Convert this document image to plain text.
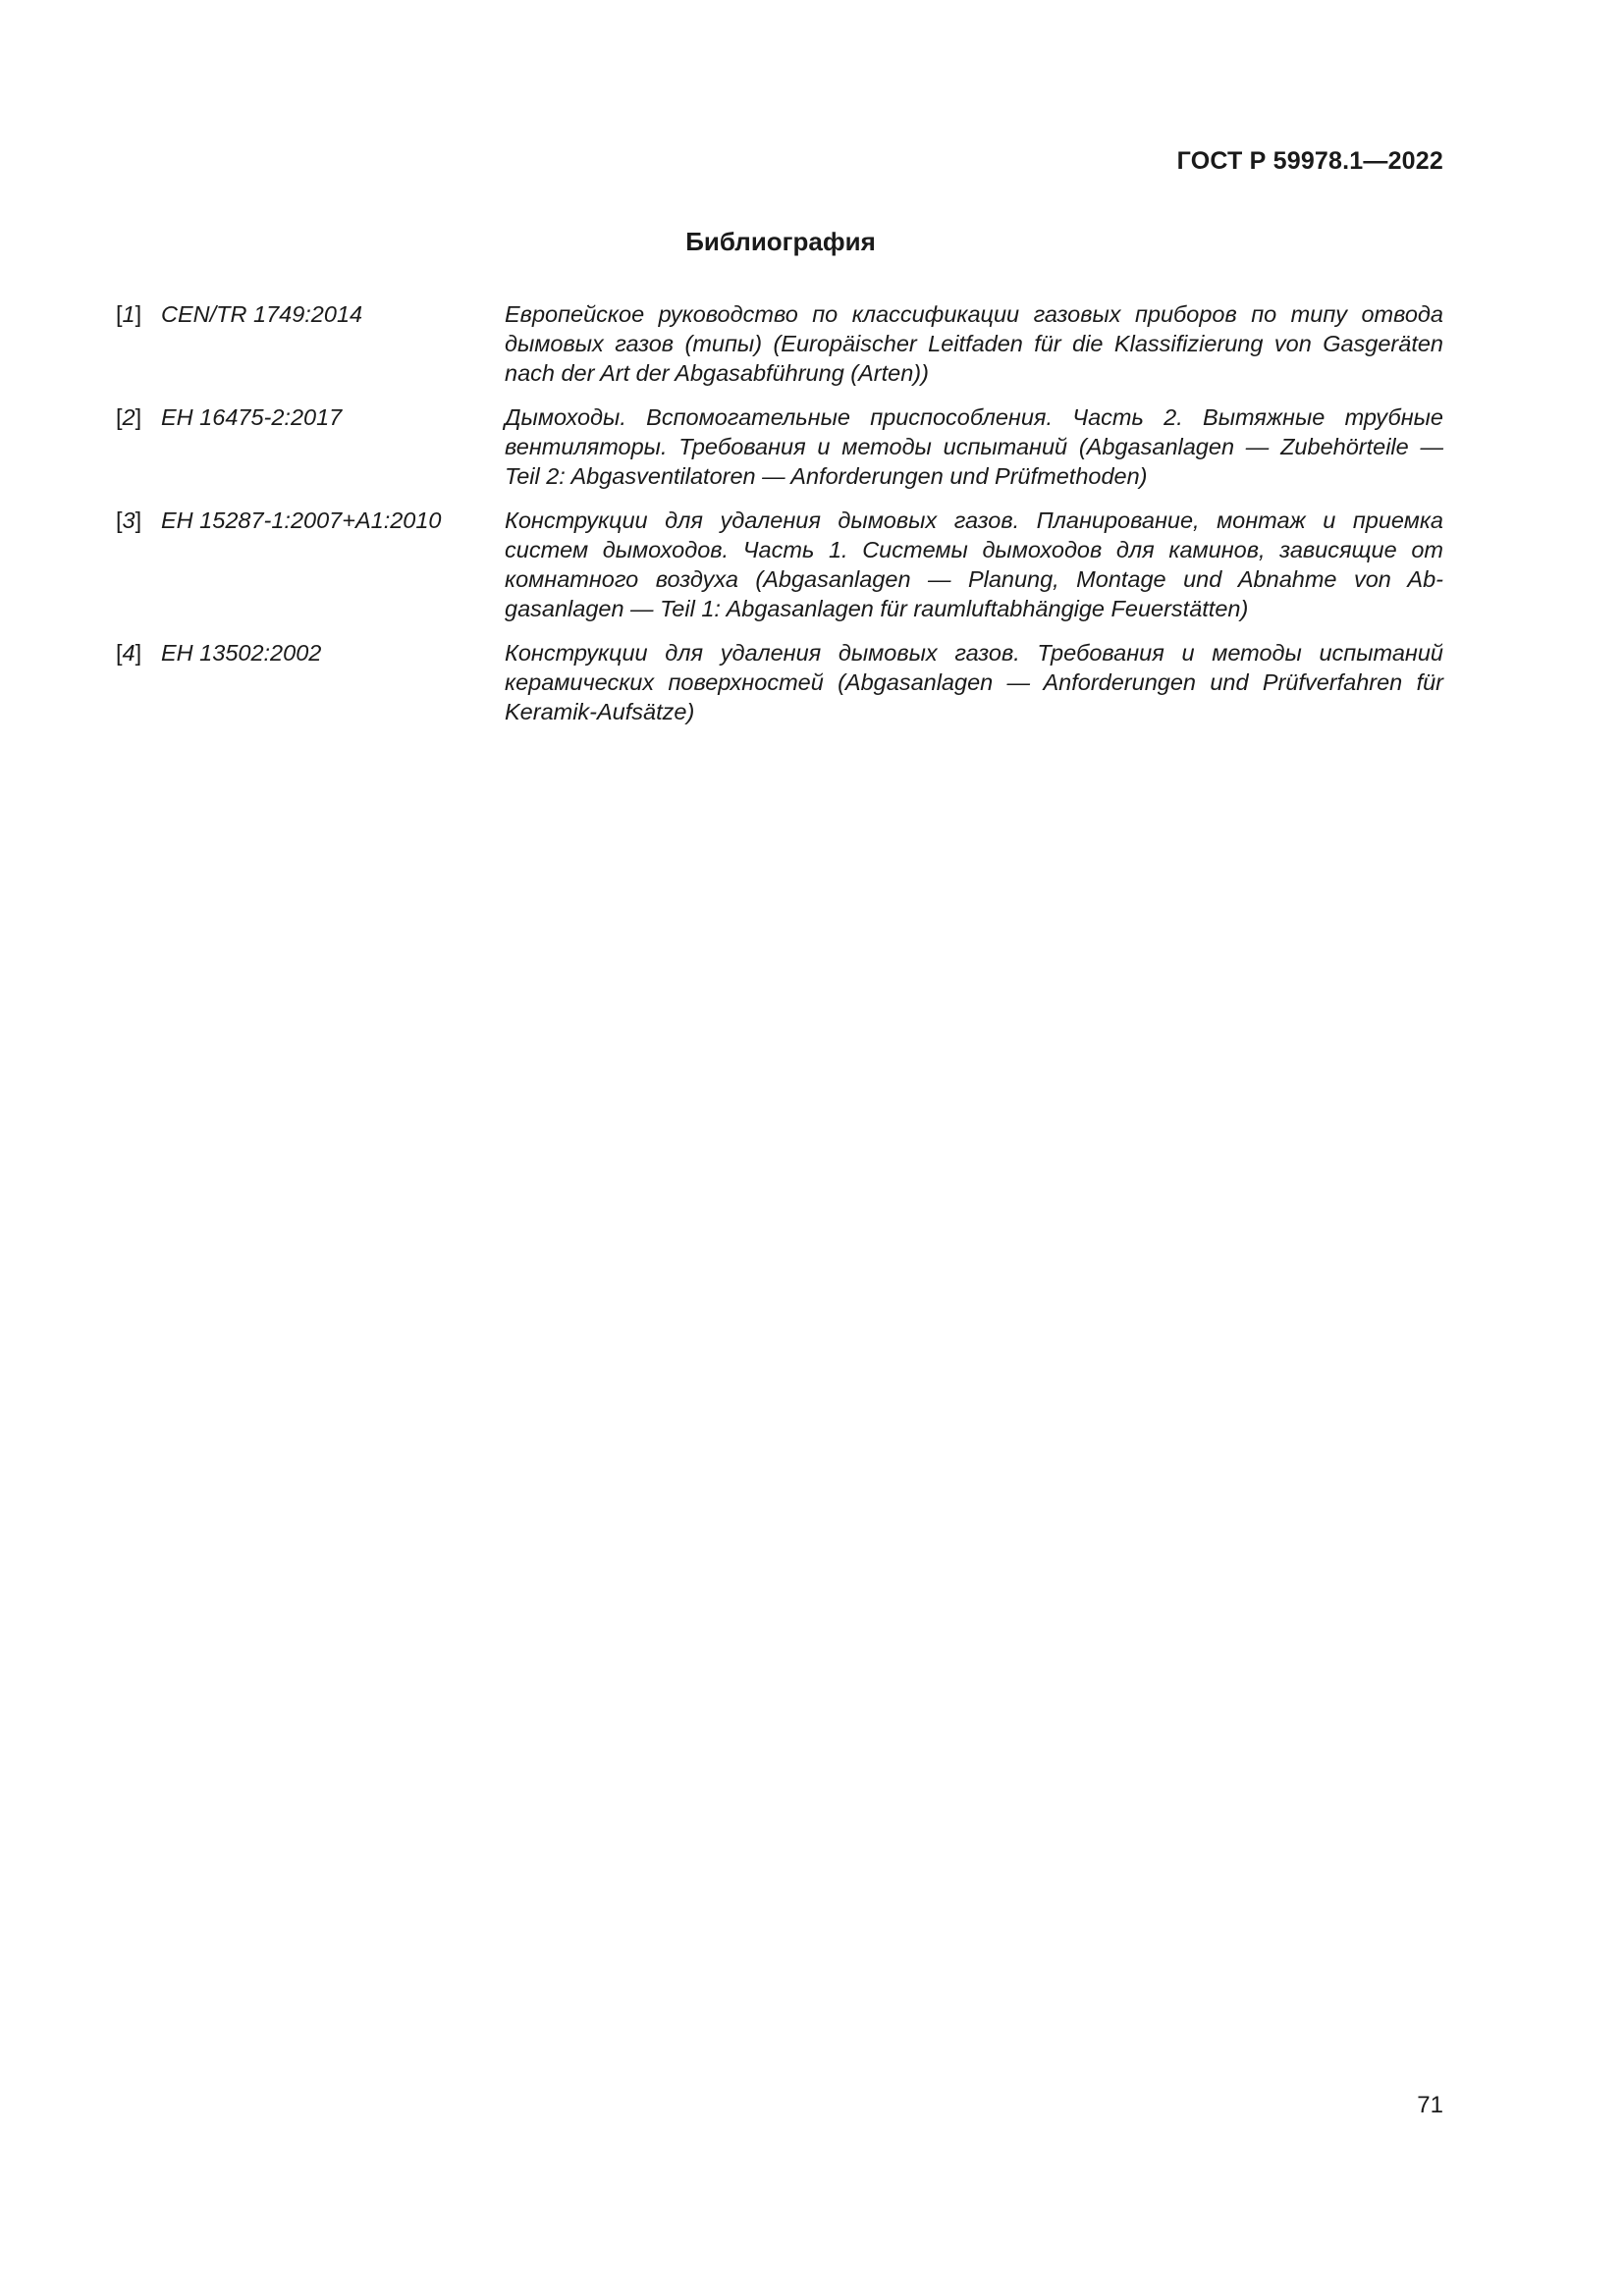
ГОСТ Р 59978.1—2022
Библиография
[1] CEN/TR 1749:2014	Европейское руководство по классификации газовых приборов по типу отвода дымовых газов (типы) (Europäischer Leitfaden für die Klassifizierung von Gasgeräten nach der Art der Abgasabführung (Arten))
[2] EH 16475-2:2017	Дымоходы. Вспомогательные приспособления. Часть 2. Вытяжные трубные вентиляторы. Требования и методы испытаний (Abgasanlagen — Zubehörteile — Teil 2: Abgasventilatoren — Anforderungen und Prüfmethoden)
[3] EH 15287-1:2007+A1:2010	Конструкции для удаления дымовых газов. Планирование, монтаж и приемка систем дымоходов. Часть 1. Системы дымоходов для каминов, зависящие от комнатного воздуха (Abgasanlagen — Planung, Montage und Abnahme von Abgasanlagen — Teil 1: Abgasanlagen für raumluftabhängige Feuerstätten)
[4] EH 13502:2002	Конструкции для удаления дымовых газов. Требования и методы испытаний керамических поверхностей (Abgasanlagen — Anforderungen und Prüfverfahren für Keramik-Aufsätze)
71
